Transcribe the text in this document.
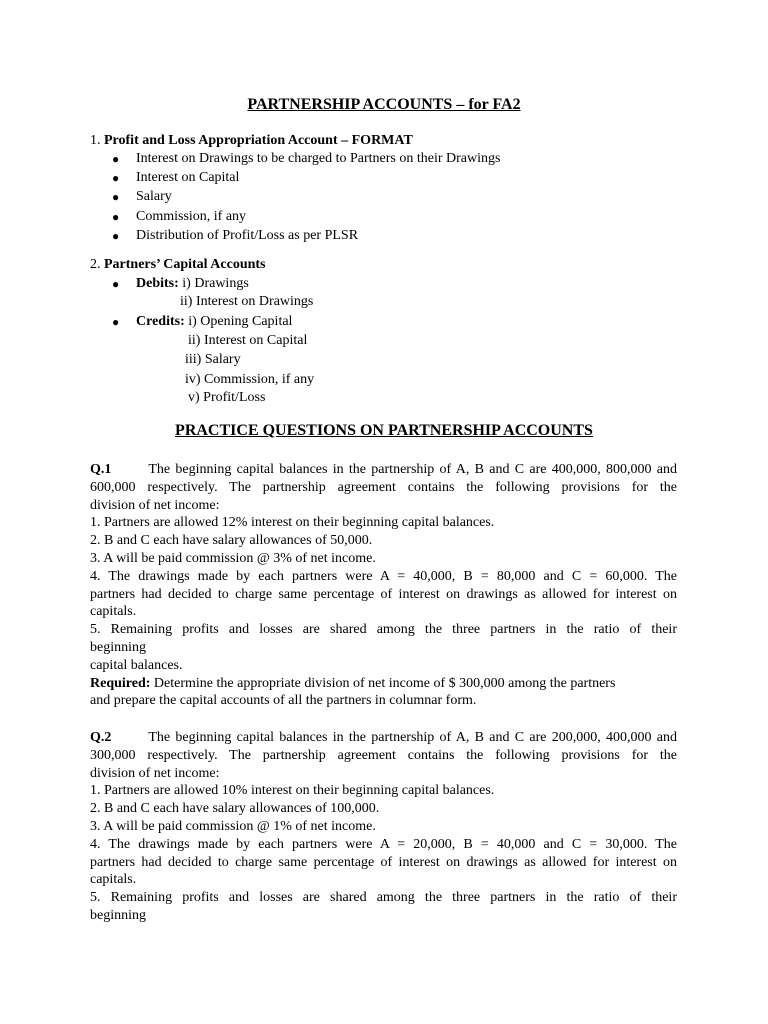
PARTNERSHIP ACCOUNTS – for FA2
1. Profit and Loss Appropriation Account – FORMAT
● Interest on Drawings to be charged to Partners on their Drawings
● Interest on Capital
● Salary
● Commission, if any
● Distribution of Profit/Loss as per PLSR
2. Partners’ Capital Accounts
● Debits: i) Drawings
ii) Interest on Drawings
● Credits: i) Opening Capital
ii) Interest on Capital
iii) Salary
iv) Commission, if any
v) Profit/Loss
PRACTICE QUESTIONS ON PARTNERSHIP ACCOUNTS
Q.1	The beginning capital balances in the partnership of A, B and C are 400,000, 800,000 and
600,000 respectively. The partnership agreement contains the following provisions for the
division of net income:
1. Partners are allowed 12% interest on their beginning capital balances.
2. B and C each have salary allowances of 50,000.
3. A will be paid commission @ 3% of net income.
4. The drawings made by each partners were A = 40,000, B = 80,000 and C = 60,000. The
partners had decided to charge same percentage of interest on drawings as allowed for interest on
capitals.
5. Remaining profits and losses are shared among the three partners in the ratio of their
beginning
capital balances.
Required: Determine the appropriate division of net income of $ 300,000 among the partners
and prepare the capital accounts of all the partners in columnar form.
Q.2	The beginning capital balances in the partnership of A, B and C are 200,000, 400,000 and
300,000 respectively. The partnership agreement contains the following provisions for the
division of net income:
1. Partners are allowed 10% interest on their beginning capital balances.
2. B and C each have salary allowances of 100,000.
3. A will be paid commission @ 1% of net income.
4. The drawings made by each partners were A = 20,000, B = 40,000 and C = 30,000. The
partners had decided to charge same percentage of interest on drawings as allowed for interest on
capitals.
5. Remaining profits and losses are shared among the three partners in the ratio of their
beginning
